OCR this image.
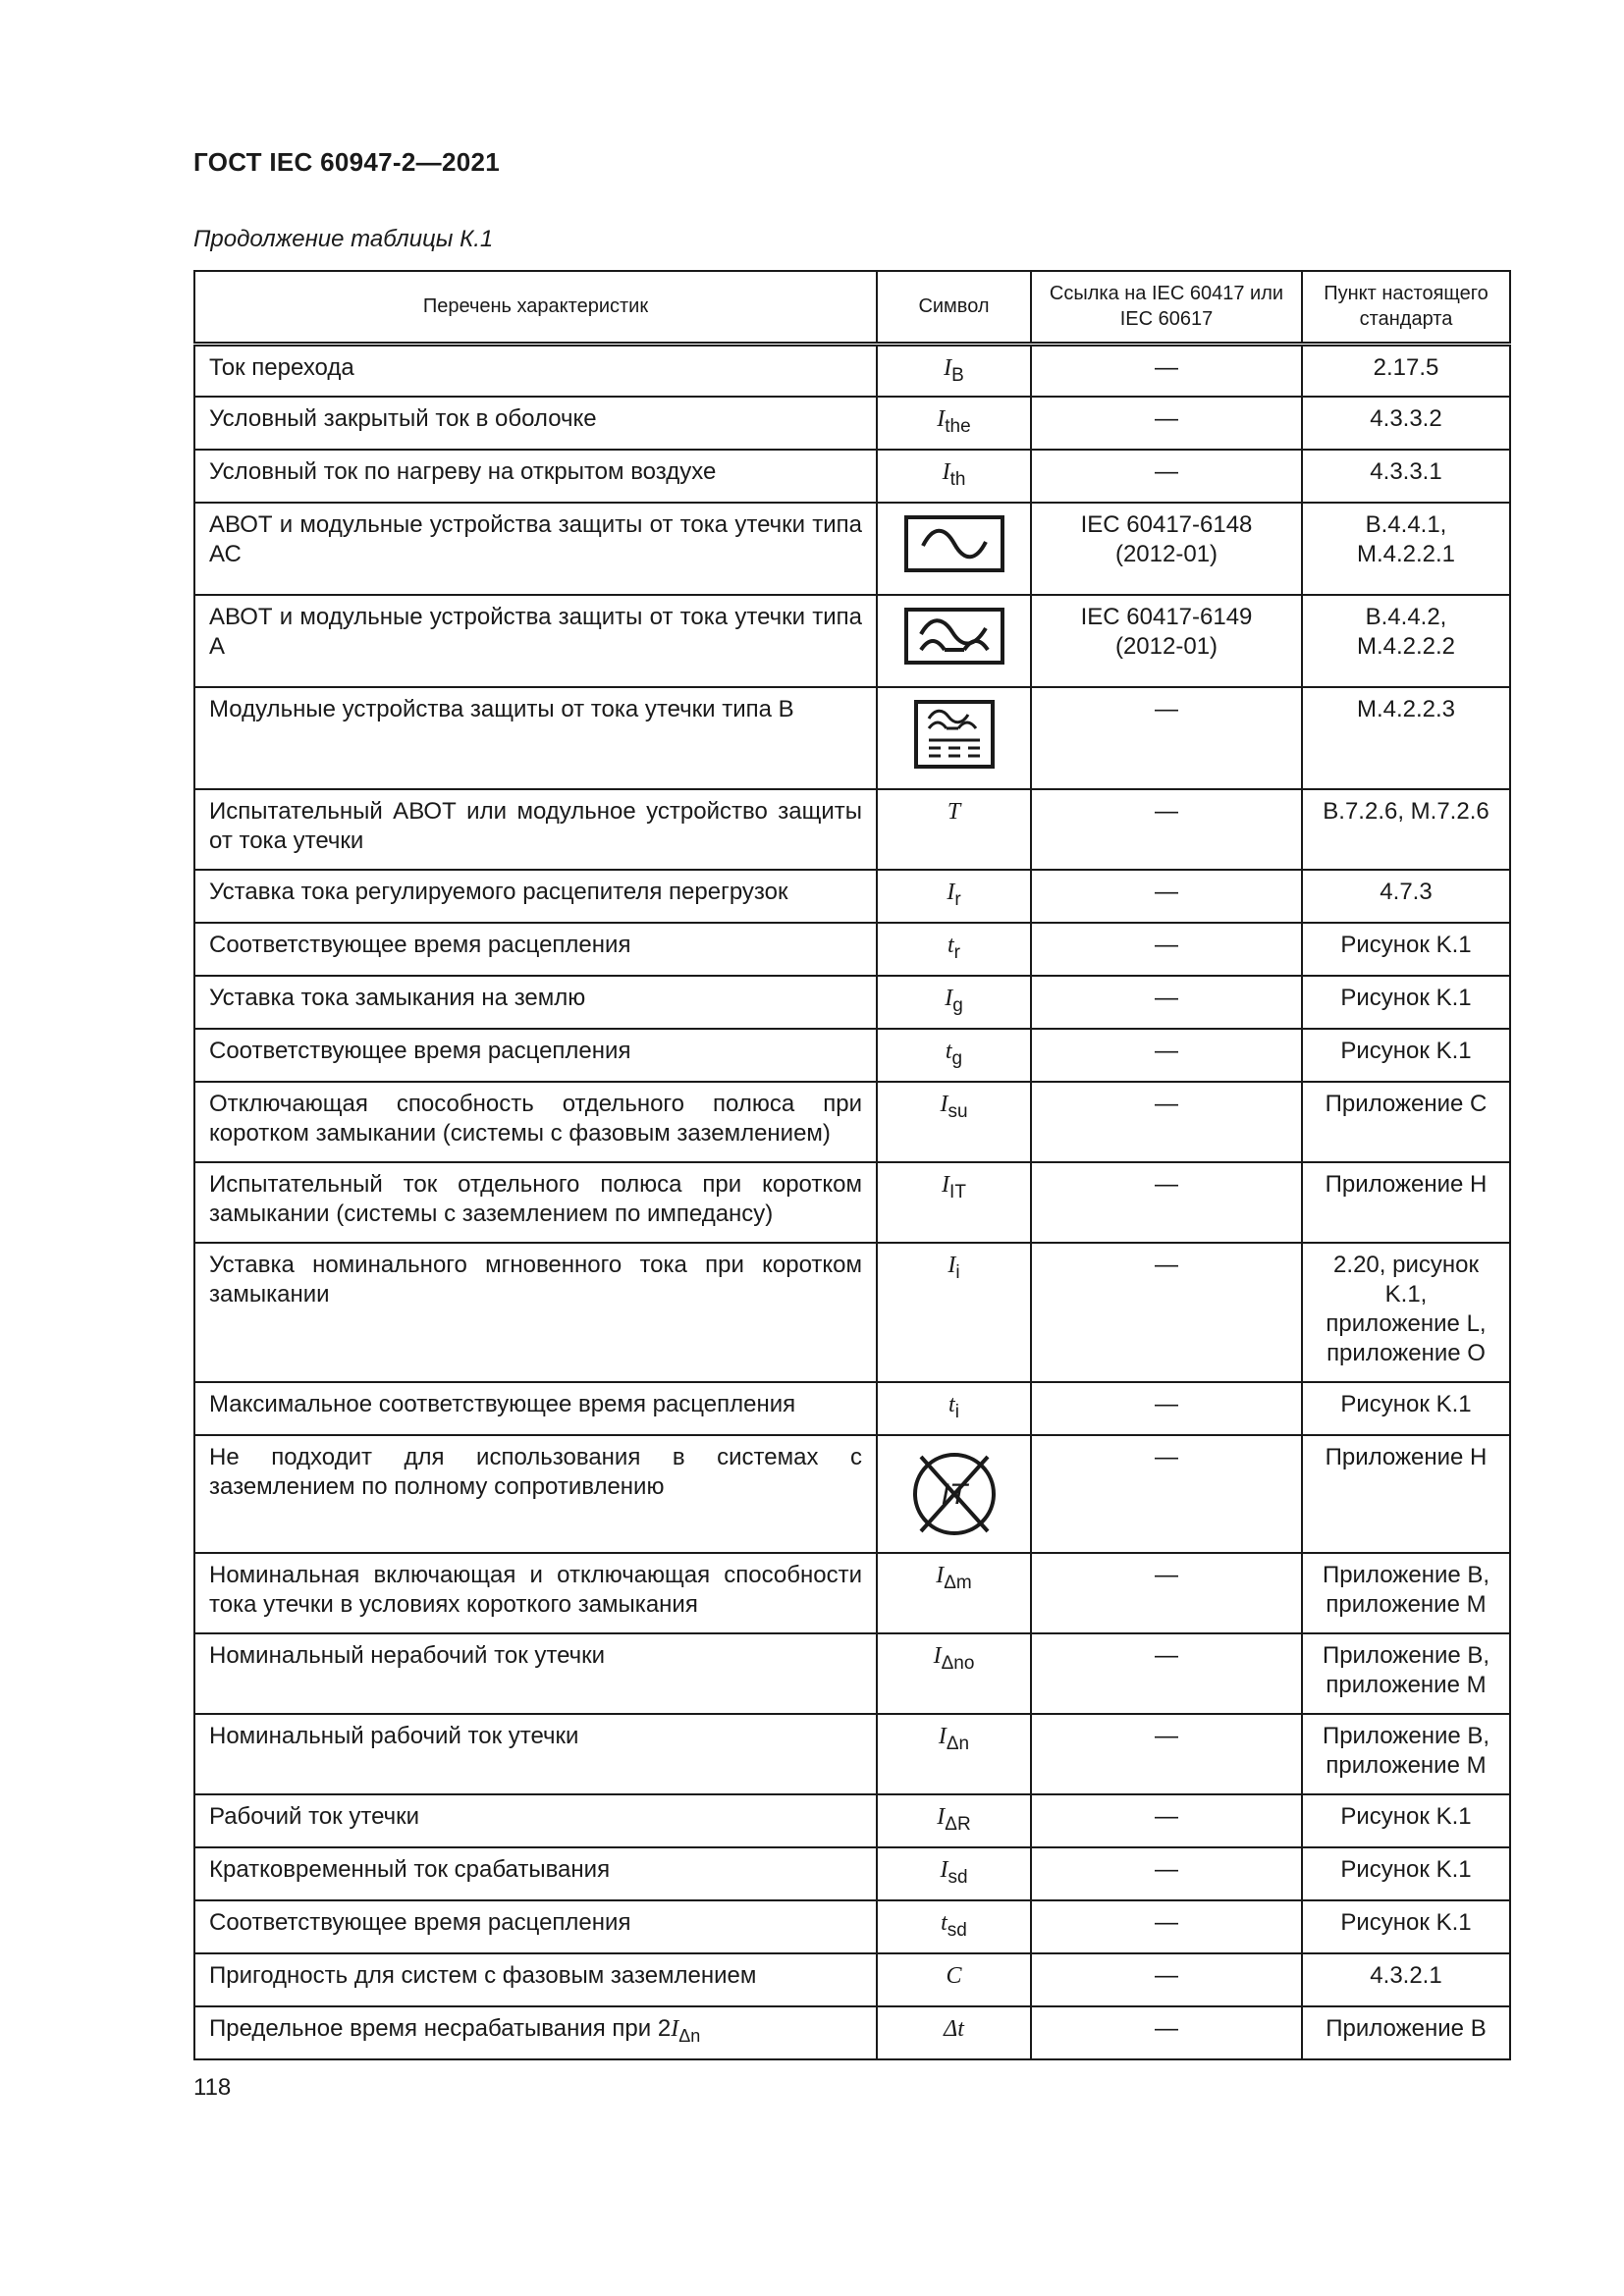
ГОСТ IEC 60947-2—2021
Продолжение таблицы К.1
Перечень характеристик	Символ	Ссылка на IEC 60417 или IEC 60617	Пункт настоящего стандарта
Ток перехода	$I_B$	—	2.17.5
Условный закрытый ток в оболочке	$I_{the}$	—	4.3.3.2
Условный ток по нагреву на открытом воздухе	$I_{th}$	—	4.3.3.1
АВОТ и модульные устройства защиты от тока утечки типа АС		IEC 60417-6148 (2012-01)	B.4.4.1, M.4.2.2.1
АВОТ и модульные устройства защиты от тока утечки типа А		IEC 60417-6149 (2012-01)	B.4.4.2, M.4.2.2.2
Модульные устройства защиты от тока утечки типа В		—	M.4.2.2.3
Испытательный АВОТ или модульное устройство защиты от тока утечки	T	—	B.7.2.6, M.7.2.6
Уставка тока регулируемого расцепителя перегрузок	$I_r$	—	4.7.3
Соответствующее время расцепления	$t_r$	—	Рисунок K.1
Уставка тока замыкания на землю	$I_g$	—	Рисунок K.1
Соответствующее время расцепления	$t_g$	—	Рисунок K.1
Отключающая способность отдельного полюса при коротком замыкании (системы с фазовым заземлением)	$I_{su}$	—	Приложение C
Испытательный ток отдельного полюса при коротком замыкании (системы с заземлением по импедансу)	$I_{IT}$	—	Приложение H
Уставка номинального мгновенного тока при коротком замыкании	$I_i$	—	2.20, рисунок K.1, приложение L, приложение O
Максимальное соответствующее время расцепления	$t_i$	—	Рисунок K.1
Не подходит для использования в системах с заземлением по полному сопротивлению	IT	—	Приложение H
Номинальная включающая и отключающая способности тока утечки в условиях короткого замыкания	$I_{\Delta m}$	—	Приложение B, приложение M
Номинальный нерабочий ток утечки	$I_{\Delta no}$	—	Приложение B, приложение M
Номинальный рабочий ток утечки	$I_{\Delta n}$	—	Приложение B, приложение M
Рабочий ток утечки	$I_{\Delta R}$	—	Рисунок K.1
Кратковременный ток срабатывания	$I_{sd}$	—	Рисунок K.1
Соответствующее время расцепления	$t_{sd}$	—	Рисунок K.1
Пригодность для систем с фазовым заземлением	C	—	4.3.2.1
Предельное время несрабатывания при $2I_{\Delta n}$	Δt	—	Приложение B
118
